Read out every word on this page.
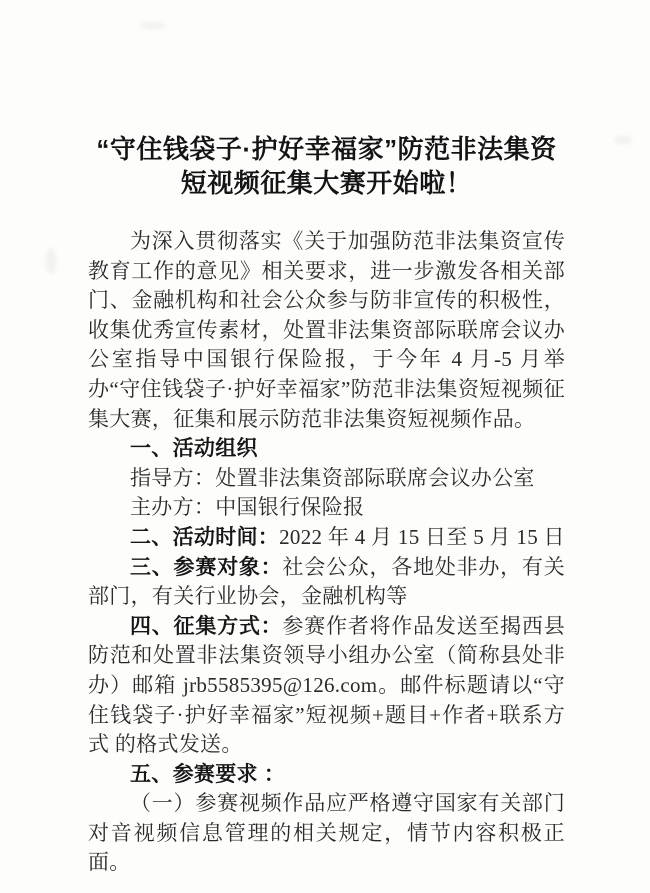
“守住钱袋子·护好幸福家”防范非法集资
短视频征集大赛开始啦！

为深入贯彻落实《关于加强防范非法集资宣传教育工作的意见》相关要求，进一步激发各相关部门、金融机构和社会公众参与防非宣传的积极性，收集优秀宣传素材，处置非法集资部际联席会议办公室指导中国银行保险报，于今年 4 月-5 月举办“守住钱袋子·护好幸福家”防范非法集资短视频征集大赛，征集和展示防范非法集资短视频作品。

一、活动组织

指导方：处置非法集资部际联席会议办公室

主办方：中国银行保险报

二、活动时间：2022 年 4 月 15 日至 5 月 15 日

三、参赛对象：社会公众，各地处非办，有关部门，有关行业协会，金融机构等

四、征集方式：参赛作者将作品发送至揭西县防范和处置非法集资领导小组办公室（简称县处非办）邮箱 jrb5585395@126.com。邮件标题请以“守住钱袋子·护好幸福家”短视频+题目+作者+联系方式 的格式发送。

五、参赛要求 ：

（一）参赛视频作品应严格遵守国家有关部门对音视频信息管理的相关规定，情节内容积极正面。
